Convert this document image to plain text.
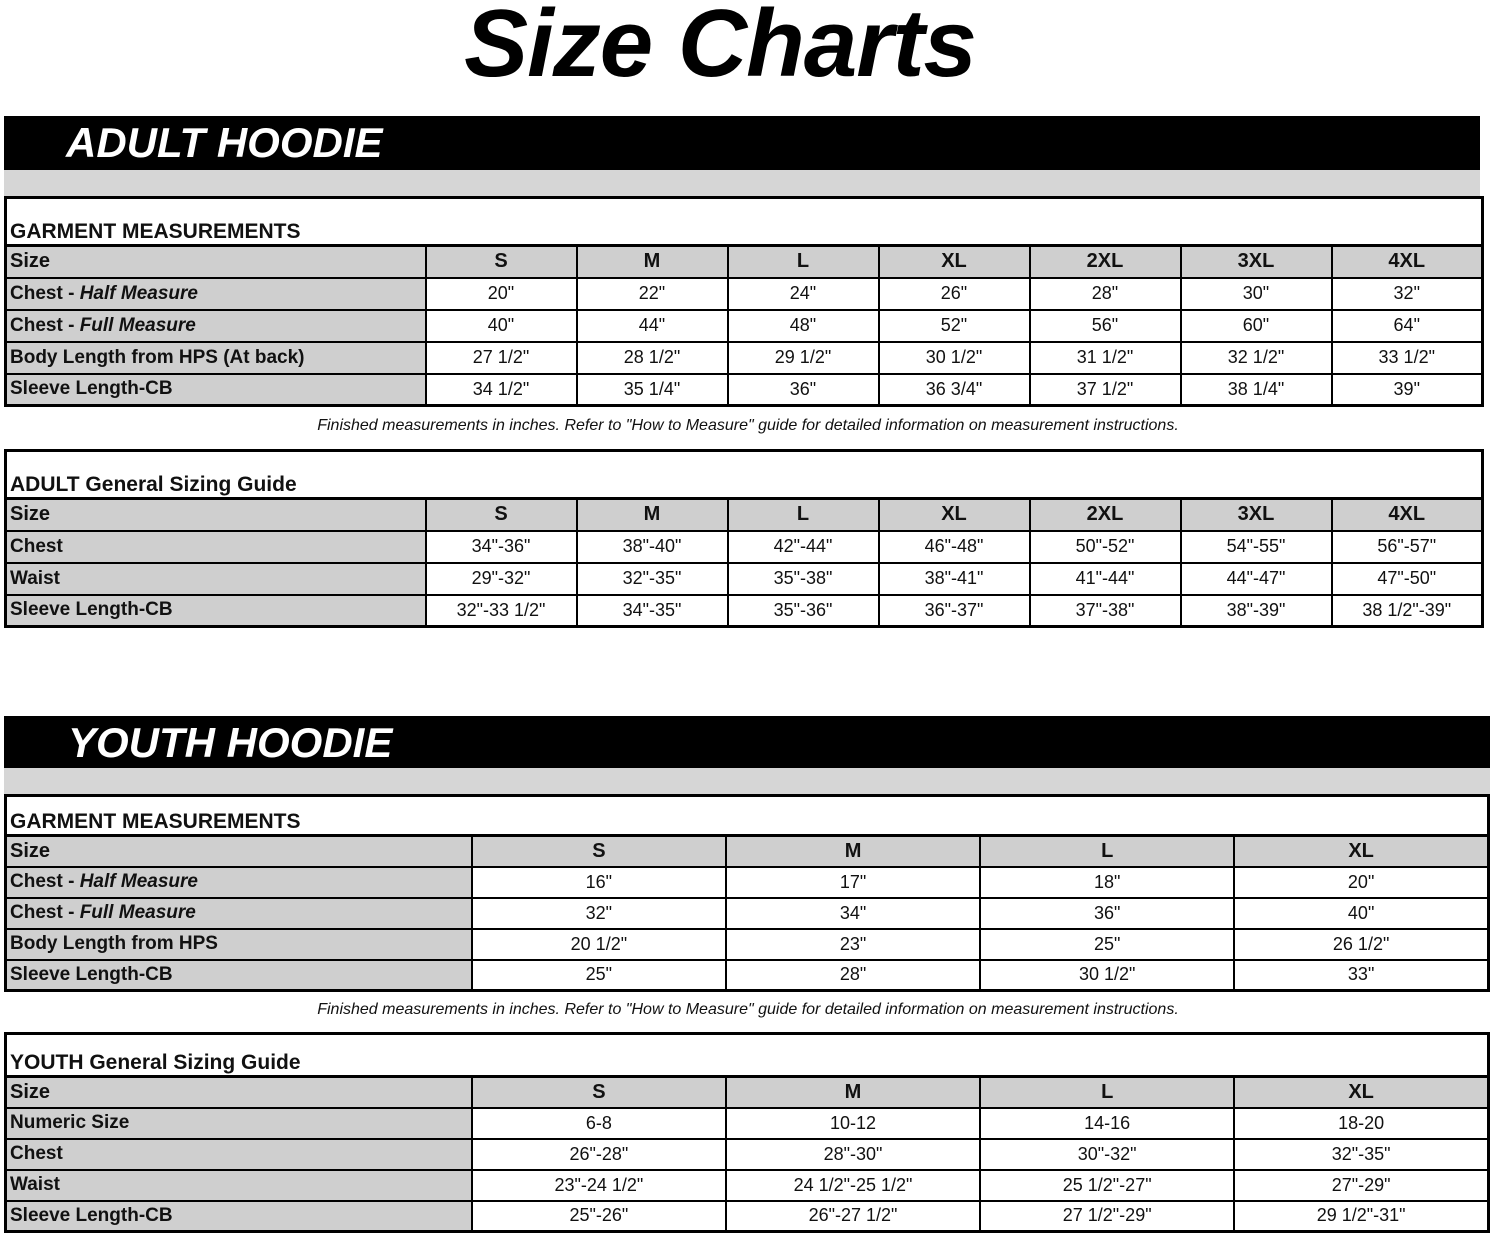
Size Charts
ADULT HOODIE
GARMENT MEASUREMENTS							
Size	S	M	L	XL	2XL	3XL	4XL
Chest - Half Measure	20"	22"	24"	26"	28"	30"	32"
Chest - Full Measure	40"	44"	48"	52"	56"	60"	64"
Body Length from HPS (At back)	27 1/2"	28 1/2"	29 1/2"	30 1/2"	31 1/2"	32 1/2"	33 1/2"
Sleeve Length-CB	34 1/2"	35 1/4"	36"	36 3/4"	37 1/2"	38 1/4"	39"
Finished measurements in inches. Refer to "How to Measure" guide for detailed information on measurement instructions.
ADULT General Sizing Guide							
Size	S	M	L	XL	2XL	3XL	4XL
Chest	34"-36"	38"-40"	42"-44"	46"-48"	50"-52"	54"-55"	56"-57"
Waist	29"-32"	32"-35"	35"-38"	38"-41"	41"-44"	44"-47"	47"-50"
Sleeve Length-CB	32"-33 1/2"	34"-35"	35"-36"	36"-37"	37"-38"	38"-39"	38 1/2"-39"
YOUTH HOODIE
GARMENT MEASUREMENTS				
Size	S	M	L	XL
Chest - Half Measure	16"	17"	18"	20"
Chest - Full Measure	32"	34"	36"	40"
Body Length from HPS	20 1/2"	23"	25"	26 1/2"
Sleeve Length-CB	25"	28"	30 1/2"	33"
Finished measurements in inches. Refer to "How to Measure" guide for detailed information on measurement instructions.
YOUTH General Sizing Guide				
Size	S	M	L	XL
Numeric Size	6-8	10-12	14-16	18-20
Chest	26"-28"	28"-30"	30"-32"	32"-35"
Waist	23"-24 1/2"	24 1/2"-25 1/2"	25 1/2"-27"	27"-29"
Sleeve Length-CB	25"-26"	26"-27 1/2"	27 1/2"-29"	29 1/2"-31"
